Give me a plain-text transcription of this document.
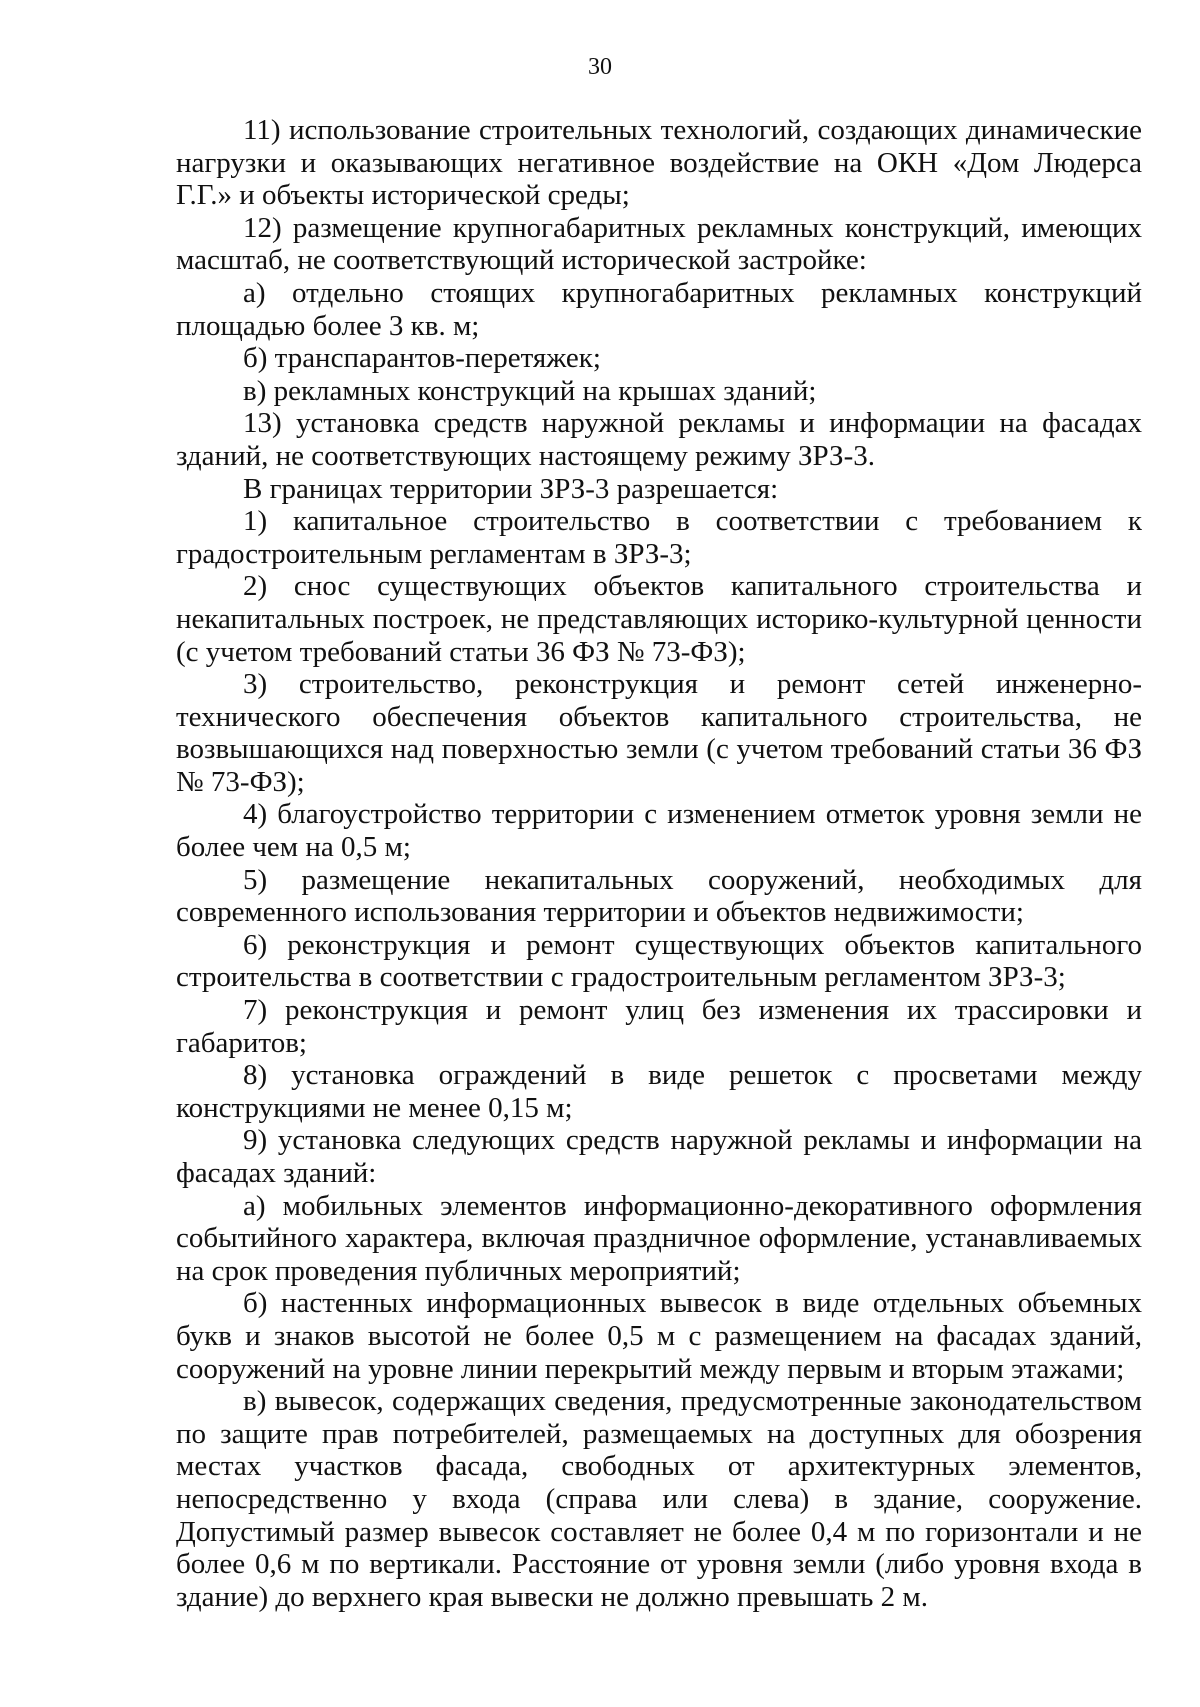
30

11) использование строительных технологий, создающих динамические нагрузки и оказывающих негативное воздействие на ОКН «Дом Людерса Г.Г.» и объекты исторической среды;

12) размещение крупногабаритных рекламных конструкций, имеющих масштаб, не соответствующий исторической застройке:

а) отдельно стоящих крупногабаритных рекламных конструкций площадью более 3 кв. м;

б) транспарантов-перетяжек;

в) рекламных конструкций на крышах зданий;

13) установка средств наружной рекламы и информации на фасадах зданий, не соответствующих настоящему режиму ЗРЗ-3.

В границах территории ЗРЗ-3 разрешается:

1) капитальное строительство в соответствии с требованием к градостроительным регламентам в ЗРЗ-3;

2) снос существующих объектов капитального строительства и некапитальных построек, не представляющих историко-культурной ценности (с учетом требований статьи 36 ФЗ № 73-ФЗ);

3) строительство, реконструкция и ремонт сетей инженерно-технического обеспечения объектов капитального строительства, не возвышающихся над поверхностью земли (с учетом требований статьи 36 ФЗ № 73-ФЗ);

4) благоустройство территории с изменением отметок уровня земли не более чем на 0,5 м;

5) размещение некапитальных сооружений, необходимых для современного использования территории и объектов недвижимости;

6) реконструкция и ремонт существующих объектов капитального строительства в соответствии с градостроительным регламентом ЗРЗ-3;

7) реконструкция и ремонт улиц без изменения их трассировки и габаритов;

8) установка ограждений в виде решеток с просветами между конструкциями не менее 0,15 м;

9) установка следующих средств наружной рекламы и информации на фасадах зданий:

а) мобильных элементов информационно-декоративного оформления событийного характера, включая праздничное оформление, устанавливаемых на срок проведения публичных мероприятий;

б) настенных информационных вывесок в виде отдельных объемных букв и знаков высотой не более 0,5 м с размещением на фасадах зданий, сооружений на уровне линии перекрытий между первым и вторым этажами;

в) вывесок, содержащих сведения, предусмотренные законодательством по защите прав потребителей, размещаемых на доступных для обозрения местах участков фасада, свободных от архитектурных элементов, непосредственно у входа (справа или слева) в здание, сооружение. Допустимый размер вывесок составляет не более 0,4 м по горизонтали и не более 0,6 м по вертикали. Расстояние от уровня земли (либо уровня входа в здание) до верхнего края вывески не должно превышать 2 м.
